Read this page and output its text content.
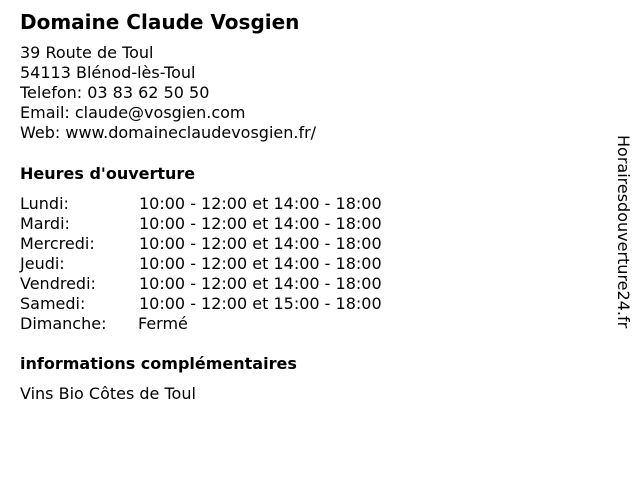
Domaine Claude Vosgien
39 Route de Toul
54113 Blénod-lès-Toul
Telefon: 03 83 62 50 50
Email: claude@vosgien.com
Web: www.domaineclaudevosgien.fr/
Heures d'ouverture
Lundi:	10:00 - 12:00 et 14:00 - 18:00
Mardi:	10:00 - 12:00 et 14:00 - 18:00
Mercredi:	10:00 - 12:00 et 14:00 - 18:00
Jeudi:	10:00 - 12:00 et 14:00 - 18:00
Vendredi:	10:00 - 12:00 et 14:00 - 18:00
Samedi:	10:00 - 12:00 et 15:00 - 18:00
Dimanche: Fermé
informations complémentaires
Vins Bio Côtes de Toul
Horairesdouverture24.fr
